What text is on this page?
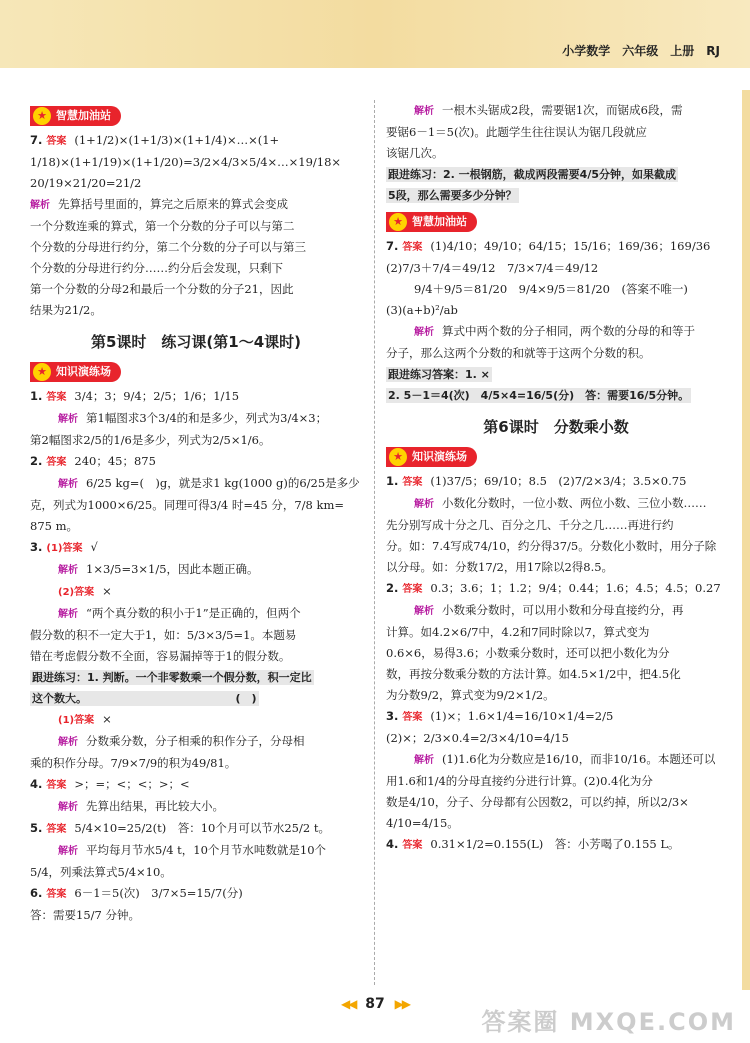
小学数学　六年级　上册　RJ
★ 智慧加油站

7. 答案 (1+1/2)×(1+1/3)×(1+1/4)×…×(1+

1/18)×(1+1/19)×(1+1/20)=3/2×4/3×5/4×…×19/18×

20/19×21/20=21/2

解析 先算括号里面的，算完之后原来的算式会变成

一个分数连乘的算式，第一个分数的分子可以与第二

个分数的分母进行约分，第二个分数的分子可以与第三

个分数的分母进行约分……约分后会发现，只剩下

第一个分数的分母2和最后一个分数的分子21，因此

结果为21/2。

第5课时　练习课(第1～4课时)
★ 知识演练场

1. 答案 3/4；3；9/4；2/5；1/6；1/15

解析 第1幅图求3个3/4的和是多少，列式为3/4×3；

第2幅图求2/5的1/6是多少，列式为2/5×1/6。

2. 答案 240；45；875

解析 6/25 kg=(　)g，就是求1 kg(1000 g)的6/25是多少

克，列式为1000×6/25。同理可得3/4 时=45 分，7/8 km=

875 m。

3. (1)答案 √

解析 1×3/5=3×1/5，因此本题正确。

(2)答案 ×

解析 “两个真分数的积小于1”是正确的，但两个

假分数的积不一定大于1，如：5/3×3/5=1。本题易

错在考虑假分数不全面，容易漏掉等于1的假分数。

跟进练习：1. 判断。一个非零数乘一个假分数，积一定比

这个数大。　　　　　　　　　　　　　　(　)

(1)答案 ×

解析 分数乘分数，分子相乘的积作分子，分母相

乘的积作分母。7/9×7/9的积为49/81。

4. 答案 >；=；<；<；>；<

解析 先算出结果，再比较大小。

5. 答案 5/4×10=25/2(t)　答：10个月可以节水25/2 t。

解析 平均每月节水5/4 t，10个月节水吨数就是10个

5/4，列乘法算式5/4×10。

6. 答案 6－1＝5(次)　3/7×5=15/7(分)

答：需要15/7 分钟。

解析 一根木头锯成2段，需要锯1次，而锯成6段，需

要锯6－1＝5(次)。此题学生往往误认为锯几段就应

该锯几次。

跟进练习：2. 一根钢筋，截成两段需要4/5分钟，如果截成

5段，那么需要多少分钟？

★ 智慧加油站

7. 答案 (1)4/10；49/10；64/15；15/16；169/36；169/36

(2)7/3＋7/4＝49/12　7/3×7/4＝49/12

9/4＋9/5＝81/20　9/4×9/5＝81/20　(答案不唯一)

(3)(a+b)²/ab

解析 算式中两个数的分子相同，两个数的分母的和等于

分子，那么这两个分数的和就等于这两个分数的积。

跟进练习答案：1. ×

2. 5－1＝4(次)　4/5×4=16/5(分)　答：需要16/5分钟。

第6课时　分数乘小数
★ 知识演练场

1. 答案 (1)37/5；69/10；8.5　(2)7/2×3/4；3.5×0.75

解析 小数化分数时，一位小数、两位小数、三位小数……

先分别写成十分之几、百分之几、千分之几……再进行约

分。如：7.4写成74/10，约分得37/5。分数化小数时，用分子除

以分母。如：分数17/2，用17除以2得8.5。

2. 答案 0.3；3.6；1；1.2；9/4；0.44；1.6；4.5；4.5；0.27

解析 小数乘分数时，可以用小数和分母直接约分，再

计算。如4.2×6/7中，4.2和7同时除以7，算式变为

0.6×6，易得3.6；小数乘分数时，还可以把小数化为分

数，再按分数乘分数的方法计算。如4.5×1/2中，把4.5化

为分数9/2，算式变为9/2×1/2。

3. 答案 (1)×；1.6×1/4=16/10×1/4=2/5

(2)×；2/3×0.4=2/3×4/10=4/15

解析 (1)1.6化为分数应是16/10，而非10/16。本题还可以

用1.6和1/4的分母直接约分进行计算。(2)0.4化为分

数是4/10，分子、分母都有公因数2，可以约掉，所以2/3×

4/10=4/15。

4. 答案 0.31×1/2=0.155(L)　答：小芳喝了0.155 L。

◀◀ 87 ▶▶
答案圈 MXQE.COM
